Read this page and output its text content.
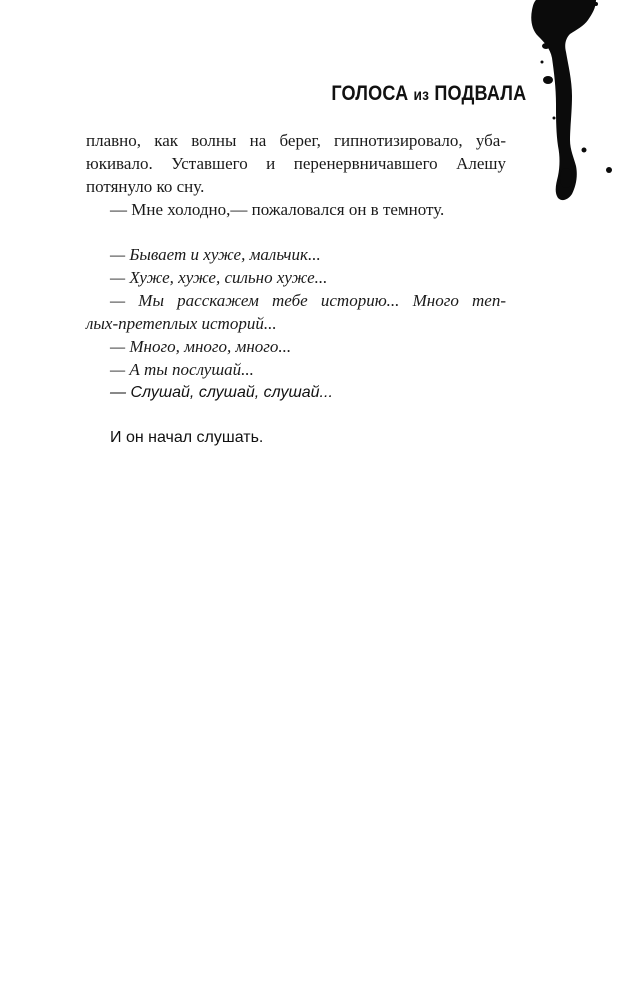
ГОЛОСА из ПОДВАЛА
плавно, как волны на берег, гипнотизировало, уба-
юкивало. Уставшего и перенервничавшего Алешу
потянуло ко сну.
— Мне холодно,— пожаловался он в темноту.
— Бывает и хуже, мальчик...
— Хуже, хуже, сильно хуже...
— Мы расскажем тебе историю... Много теп-
лых-претеплых историй...
— Много, много, много...
— А ты послушай...
— Слушай, слушай, слушай...
И он начал слушать.
